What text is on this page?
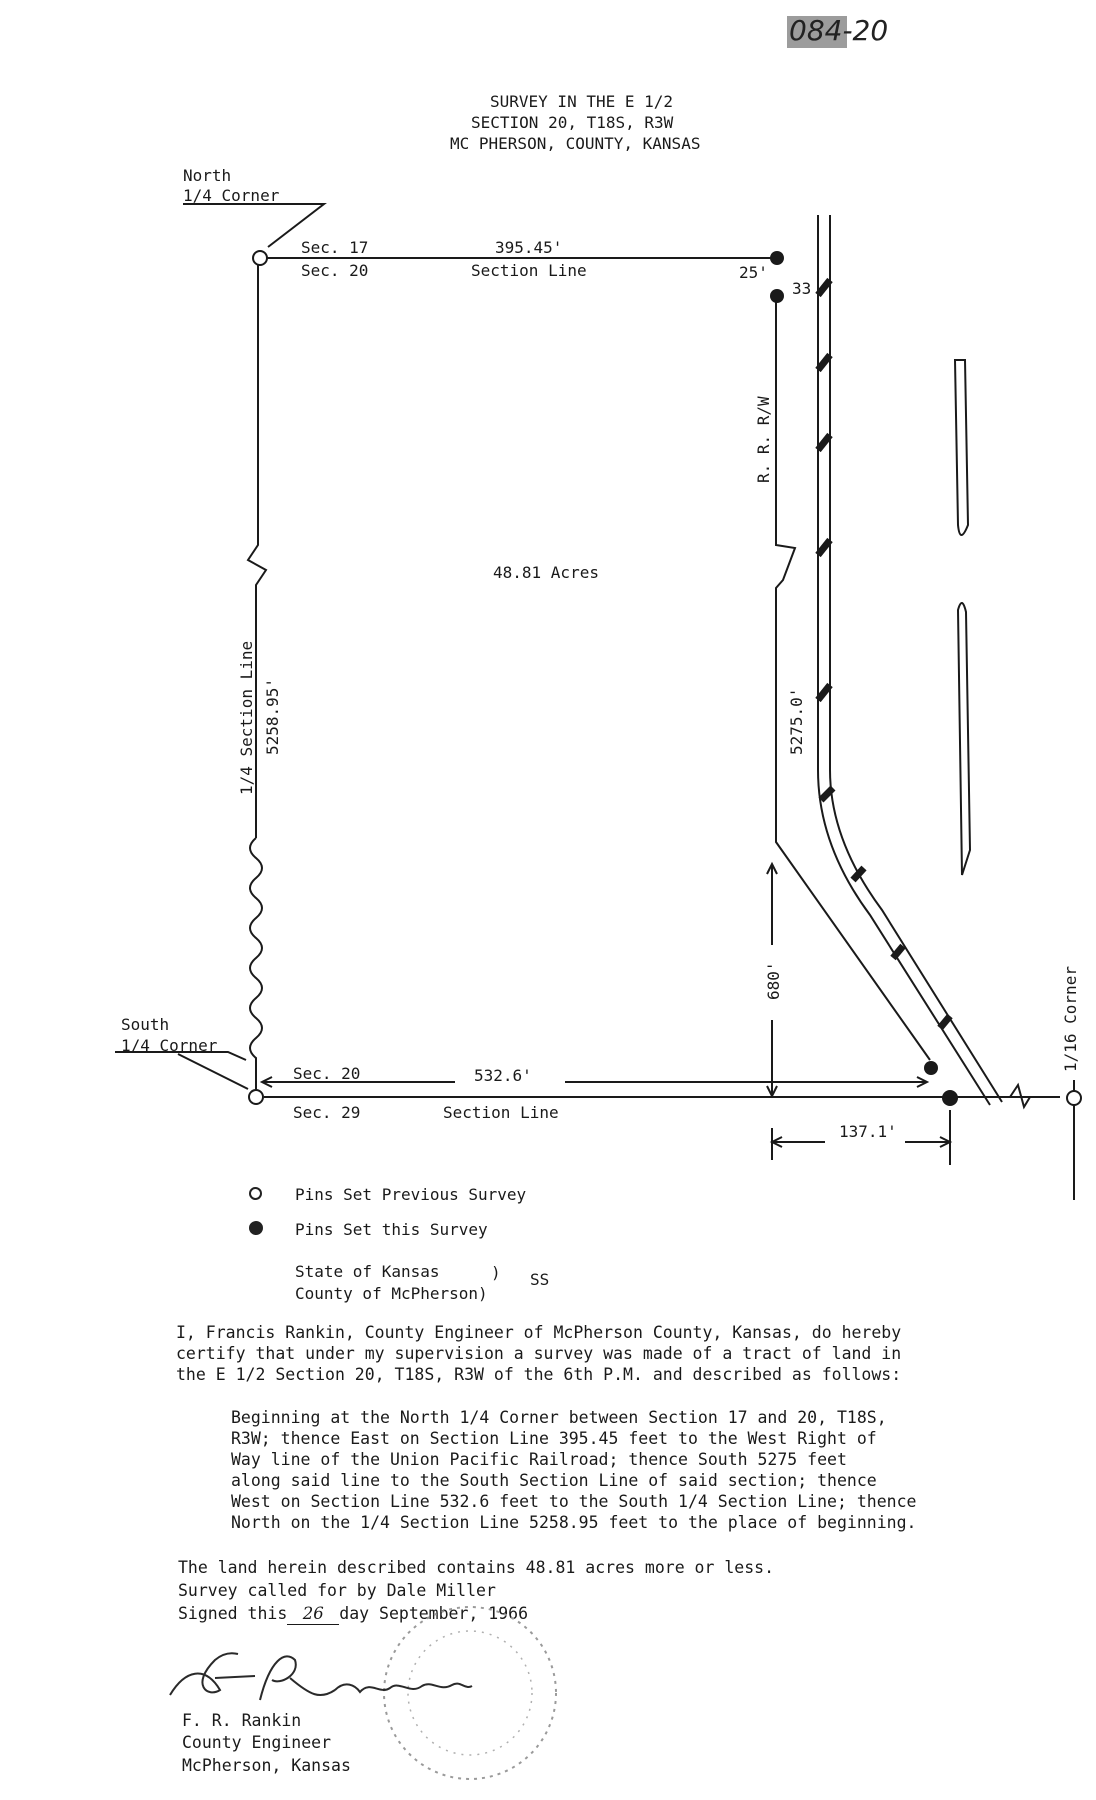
084-20
SURVEY IN THE E 1/2
SECTION 20, T18S, R3W
MC PHERSON, COUNTY, KANSAS
1/4 Section Line 5258.95'
R. R. R/W
5275.0'
680'	1/16 Corner
North
1/4 Corner
Sec. 17
Sec. 20
395.45'
Section Line	25'
33
48.81 Acres
South
1/4 Corner
Sec. 20	532.6'
Sec. 29	Section Line
137.1'
Pins Set Previous Survey
Pins Set this Survey
State of Kansas	)
County of McPherson)
SS
I, Francis Rankin, County Engineer of McPherson County, Kansas, do hereby
certify that under my supervision a survey was made of a tract of land in
the E 1/2 Section 20, T18S, R3W of the 6th P.M. and described as follows:
Beginning at the North 1/4 Corner between Section 17 and 20, T18S,
R3W; thence East on Section Line 395.45 feet to the West Right of
Way line of the Union Pacific Railroad; thence South 5275 feet
along said line to the South Section Line of said section; thence
West on Section Line 532.6 feet to the South 1/4 Section Line; thence
North on the 1/4 Section Line 5258.95 feet to the place of beginning.
The land herein described contains 48.81 acres more or less.
Survey called for by Dale Miller
Signed this 26 day September, 1966
F. R. Rankin
County Engineer
McPherson, Kansas
